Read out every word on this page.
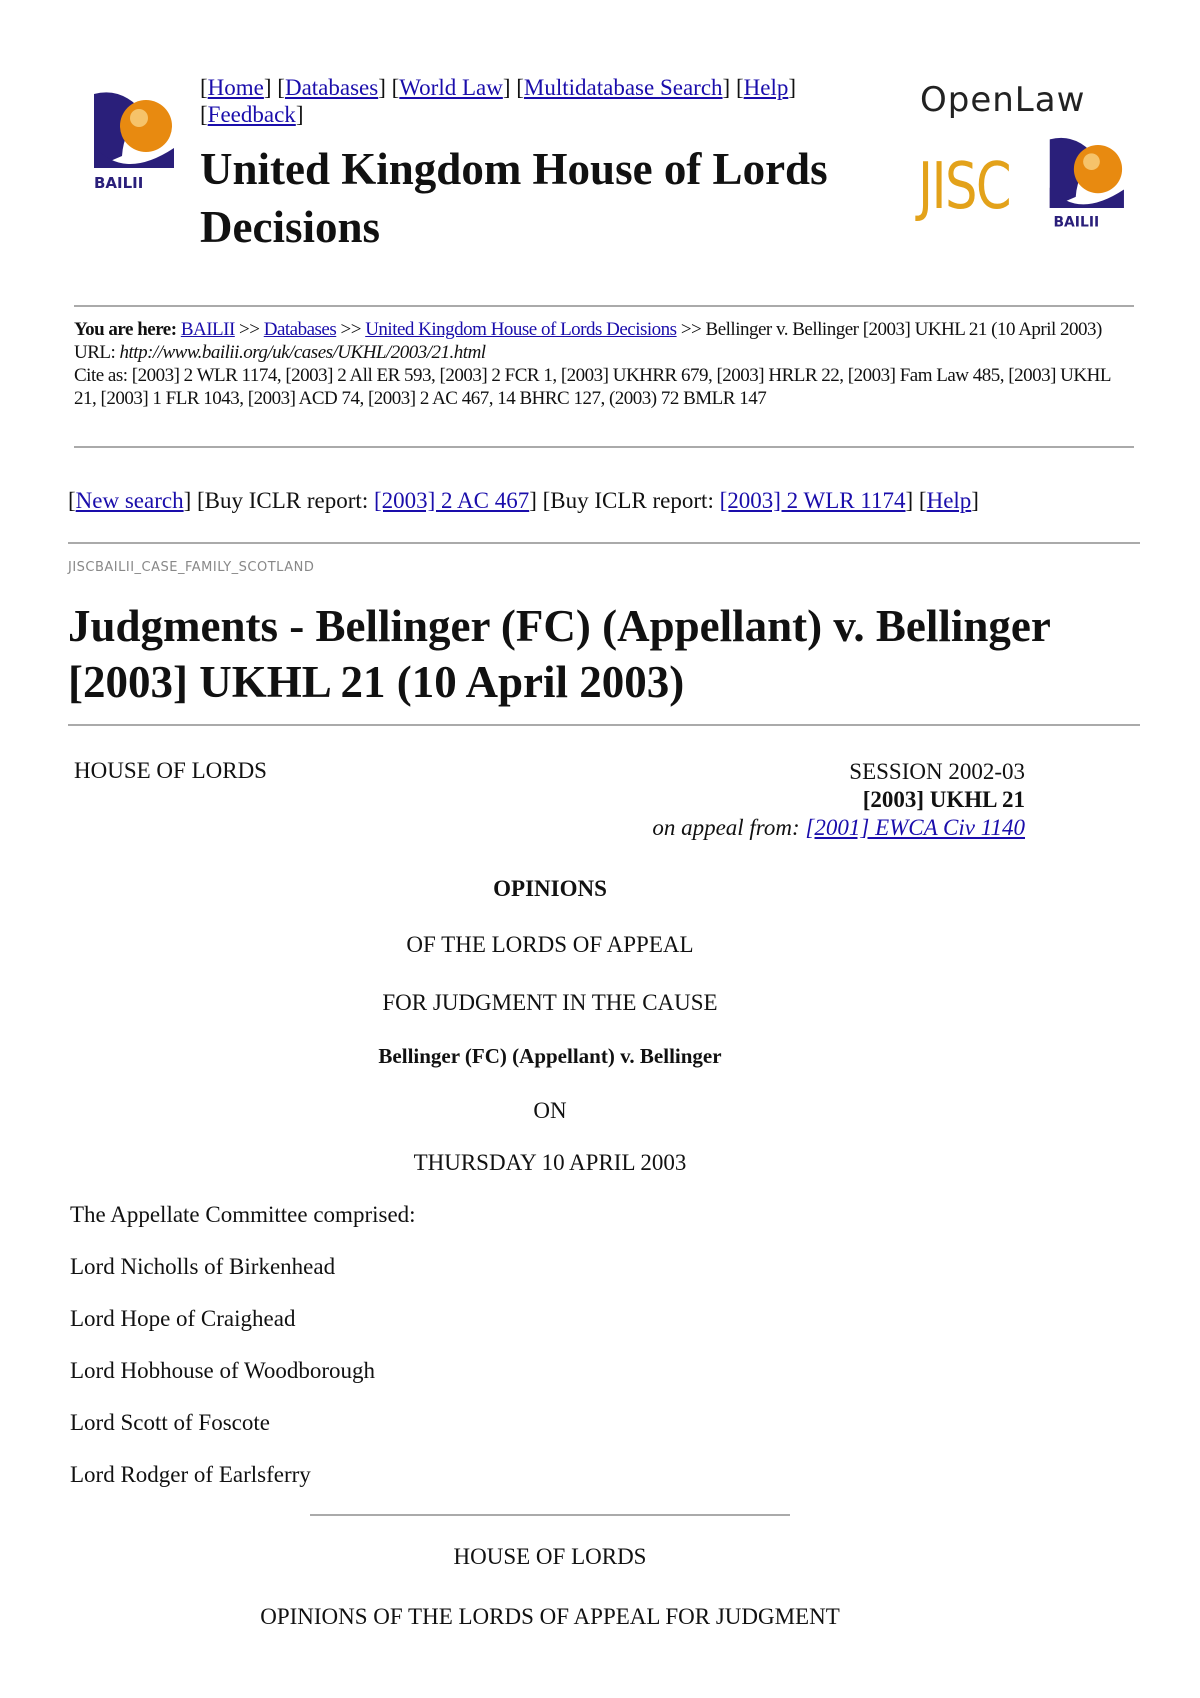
BAILII
[Home] [Databases] [World Law] [Multidatabase Search] [Help]
[Feedback]
United Kingdom House of Lords
Decisions
OpenLaw
JISC	BAILII
You are here: BAILII >> Databases >> United Kingdom House of Lords Decisions >> Bellinger v. Bellinger [2003] UKHL 21 (10 April 2003)
URL: http://www.bailii.org/uk/cases/UKHL/2003/21.html
Cite as: [2003] 2 WLR 1174, [2003] 2 All ER 593, [2003] 2 FCR 1, [2003] UKHRR 679, [2003] HRLR 22, [2003] Fam Law 485, [2003] UKHL 21, [2003] 1 FLR 1043, [2003] ACD 74, [2003] 2 AC 467, 14 BHRC 127, (2003) 72 BMLR 147
[New search] [Buy ICLR report: [2003] 2 AC 467] [Buy ICLR report: [2003] 2 WLR 1174] [Help]
JISCBAILII_CASE_FAMILY_SCOTLAND
Judgments - Bellinger (FC) (Appellant) v. Bellinger [2003] UKHL 21 (10 April 2003)
HOUSE OF LORDS	SESSION 2002-03
[2003] UKHL 21
on appeal from: [2001] EWCA Civ 1140
OPINIONS
OF THE LORDS OF APPEAL
FOR JUDGMENT IN THE CAUSE
Bellinger (FC) (Appellant) v. Bellinger
ON
THURSDAY 10 APRIL 2003
The Appellate Committee comprised:
Lord Nicholls of Birkenhead
Lord Hope of Craighead
Lord Hobhouse of Woodborough
Lord Scott of Foscote
Lord Rodger of Earlsferry
HOUSE OF LORDS
OPINIONS OF THE LORDS OF APPEAL FOR JUDGMENT
